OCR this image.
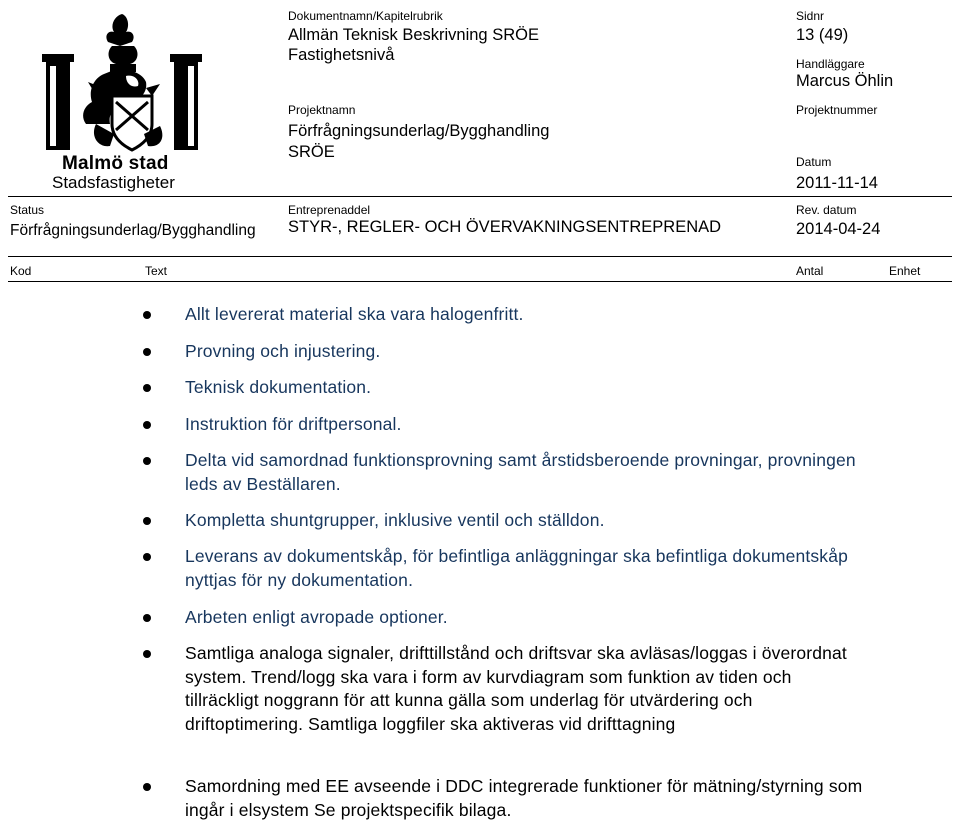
Malmö stad
Stadsfastigheter
Dokumentnamn/Kapitelrubrik
Allmän Teknisk Beskrivning SRÖE
Fastighetsnivå
Projektnamn
Förfrågningsunderlag/Bygghandling
SRÖE
Entreprenaddel
STYR-, REGLER- OCH ÖVERVAKNINGSENTREPRENAD
Sidnr
13 (49)
Handläggare
Marcus Öhlin
Projektnummer
Datum
2011-11-14
Rev. datum
2014-04-24
Status
Förfrågningsunderlag/Bygghandling
Kod	Text	Antal	Enhet
Allt levererat material ska vara halogenfritt.
Provning och injustering.
Teknisk dokumentation.
Instruktion för driftpersonal.
Delta vid samordnad funktionsprovning samt årstidsberoende provningar, provningen leds av Beställaren.
Kompletta shuntgrupper, inklusive ventil och ställdon.
Leverans av dokumentskåp, för befintliga anläggningar ska befintliga dokumentskåp nyttjas för ny dokumentation.
Arbeten enligt avropade optioner.
Samtliga analoga signaler, drifttillstånd och driftsvar ska avläsas/loggas i överordnat system. Trend/logg ska vara i form av kurvdiagram som funktion av tiden och tillräckligt noggrann för att kunna gälla som underlag för utvärdering och driftoptimering. Samtliga loggfiler ska aktiveras vid drifttagning
Samordning med EE avseende i DDC integrerade funktioner för mätning/styrning som ingår i elsystem Se projektspecifik bilaga.
